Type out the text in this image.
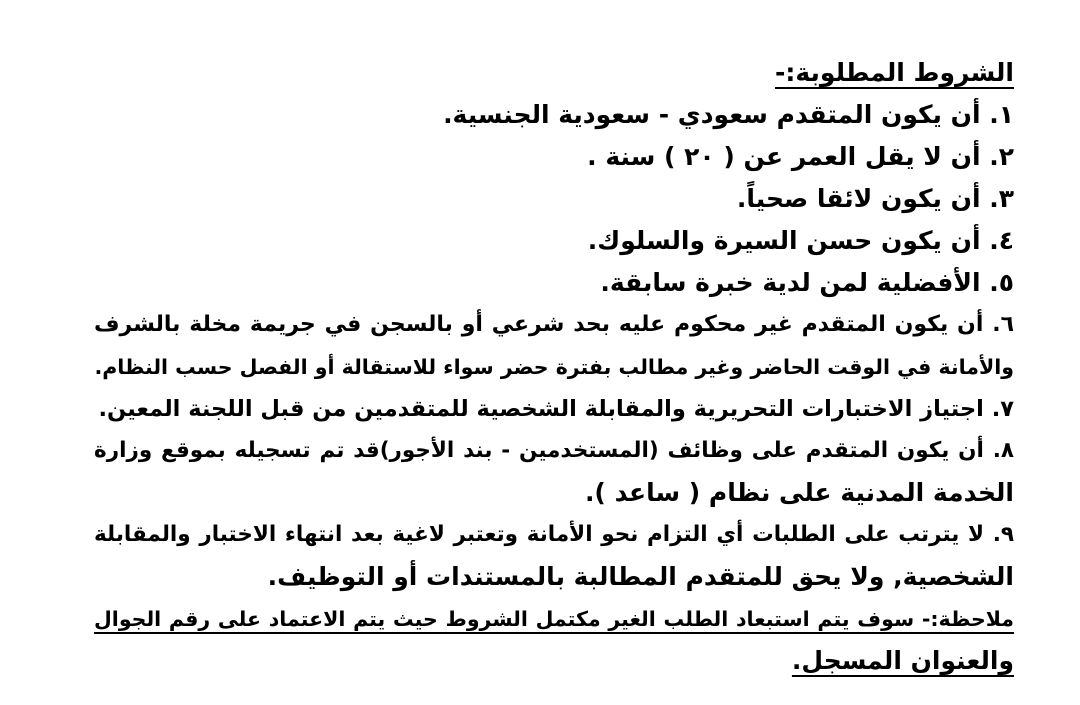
الشروط المطلوبة:-
١. أن يكون المتقدم سعودي - سعودية الجنسية.
٢. أن لا يقل العمر عن ( ٢٠ ) سنة .
٣. أن يكون لائقا صحياً.
٤. أن يكون حسن السيرة والسلوك.
٥. الأفضلية لمن لدية خبرة سابقة.
٦. أن يكون المتقدم غير محكوم عليه بحد شرعي أو بالسجن في جريمة مخلة بالشرف
والأمانة في الوقت الحاضر وغير مطالب بفترة حضر سواء للاستقالة أو الفصل حسب النظام.
٧. اجتياز الاختبارات التحريرية والمقابلة الشخصية للمتقدمين من قبل اللجنة المعين.
٨. أن يكون المتقدم على وظائف (المستخدمين - بند الأجور)قد تم تسجيله بموقع وزارة
الخدمة المدنية على نظام ( ساعد ).
٩. لا يترتب على الطلبات أي التزام نحو الأمانة وتعتبر لاغية بعد انتهاء الاختبار والمقابلة
الشخصية, ولا يحق للمتقدم المطالبة بالمستندات أو التوظيف.
ملاحظة:- سوف يتم استبعاد الطلب الغير مكتمل الشروط حيث يتم الاعتماد على رقم الجوال
والعنوان المسجل.
